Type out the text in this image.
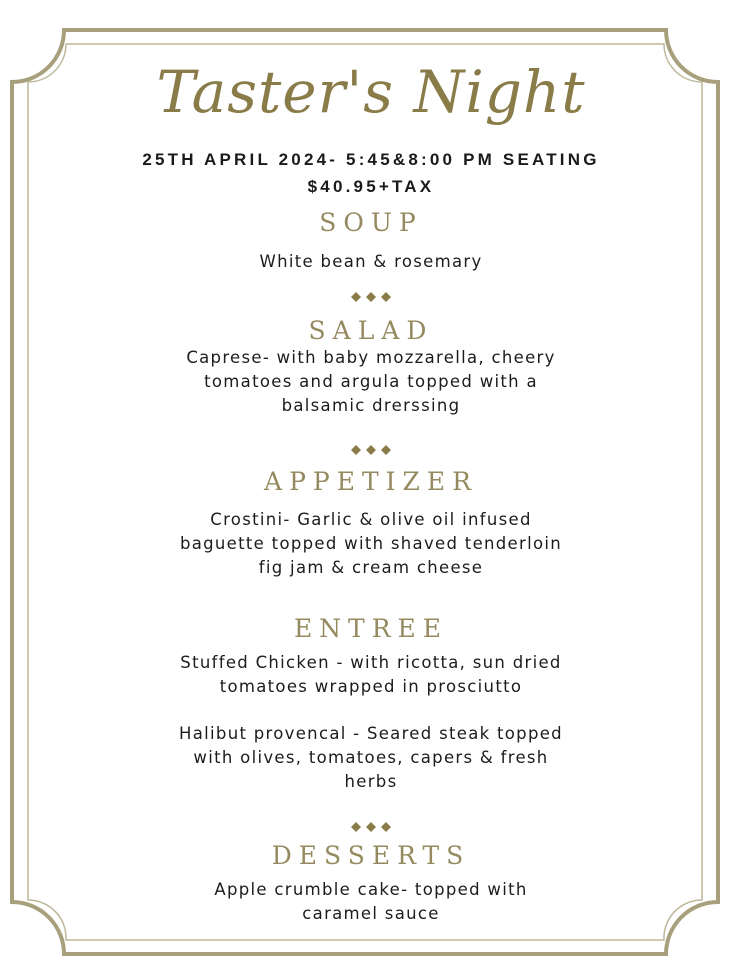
Taster's Night
25TH APRIL 2024- 5:45&8:00 PM SEATING
$40.95+TAX
SOUP
White bean & rosemary
SALAD
Caprese- with baby mozzarella, cheery
tomatoes and argula topped with a
balsamic drerssing
APPETIZER
Crostini- Garlic & olive oil infused
baguette topped with shaved tenderloin
fig jam & cream cheese
ENTREE
Stuffed Chicken - with ricotta, sun dried
tomatoes wrapped in prosciutto
Halibut provencal - Seared steak topped
with olives, tomatoes, capers & fresh
herbs
DESSERTS
Apple crumble cake- topped with
caramel sauce
